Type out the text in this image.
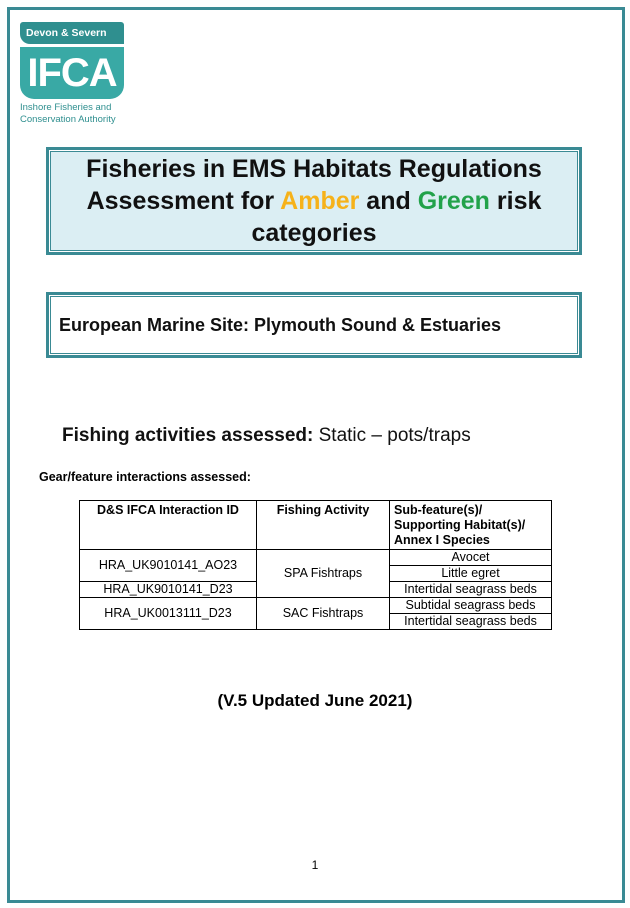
Devon & Severn
IFCA
Inshore Fisheries and
Conservation Authority
Fisheries in EMS Habitats Regulations Assessment for Amber and Green risk categories
European Marine Site: Plymouth Sound & Estuaries
Fishing activities assessed: Static – pots/traps
Gear/feature interactions assessed:
D&S IFCA Interaction ID	Fishing Activity	Sub-feature(s)/ Supporting Habitat(s)/ Annex I Species
HRA_UK9010141_AO23	SPA Fishtraps	Avocet
		Little egret
HRA_UK9010141_D23		Intertidal seagrass beds
HRA_UK0013111_D23	SAC Fishtraps	Subtidal seagrass beds
		Intertidal seagrass beds
(V.5 Updated June 2021)
1
